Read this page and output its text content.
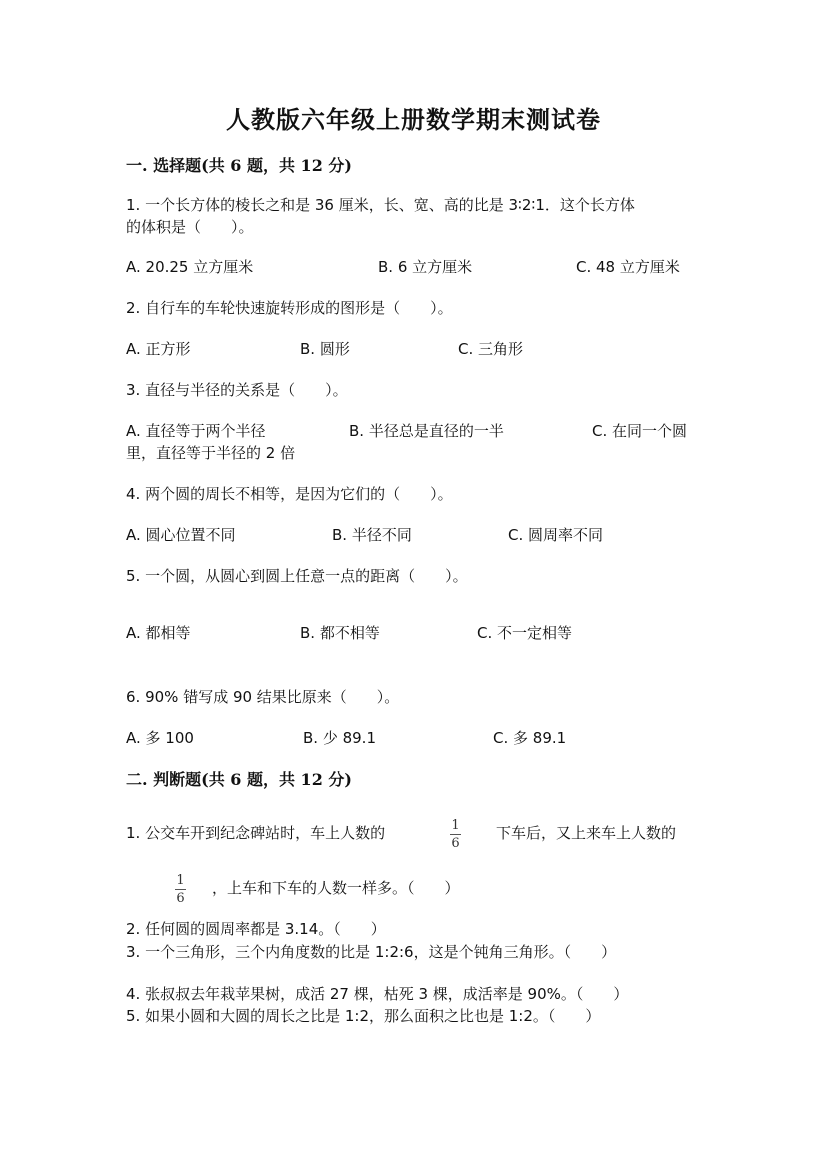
人教版六年级上册数学期末测试卷
一. 选择题(共 6 题，共 12 分)
1. 一个长方体的棱长之和是 36 厘米，长、宽、高的比是 3∶2∶1．这个长方体
的体积是（　　）。
A. 20.25 立方厘米	B. 6 立方厘米	C. 48 立方厘米
2. 自行车的车轮快速旋转形成的图形是（　　）。
A. 正方形	B. 圆形	C. 三角形
3. 直径与半径的关系是（　　）。
A. 直径等于两个半径	B. 半径总是直径的一半	C. 在同一个圆
里，直径等于半径的 2 倍
4. 两个圆的周长不相等，是因为它们的（　　）。
A. 圆心位置不同	B. 半径不同	C. 圆周率不同
5. 一个圆，从圆心到圆上任意一点的距离（　　）。
A. 都相等	B. 都不相等	C. 不一定相等
6. 90% 错写成 90 结果比原来（　　）。
A. 多 100	B. 少 89.1	C. 多 89.1
二. 判断题(共 6 题，共 12 分)
1. 公交车开到纪念碑站时，车上人数的	1
6
下车后，又上来车上人数的
1
6
，上车和下车的人数一样多。（　　）
2. 任何圆的圆周率都是 3.14。（　　）
3. 一个三角形，三个内角度数的比是 1:2:6，这是个钝角三角形。（　　）
4. 张叔叔去年栽苹果树，成活 27 棵，枯死 3 棵，成活率是 90%。（　　）
5. 如果小圆和大圆的周长之比是 1:2，那么面积之比也是 1:2。（　　）
